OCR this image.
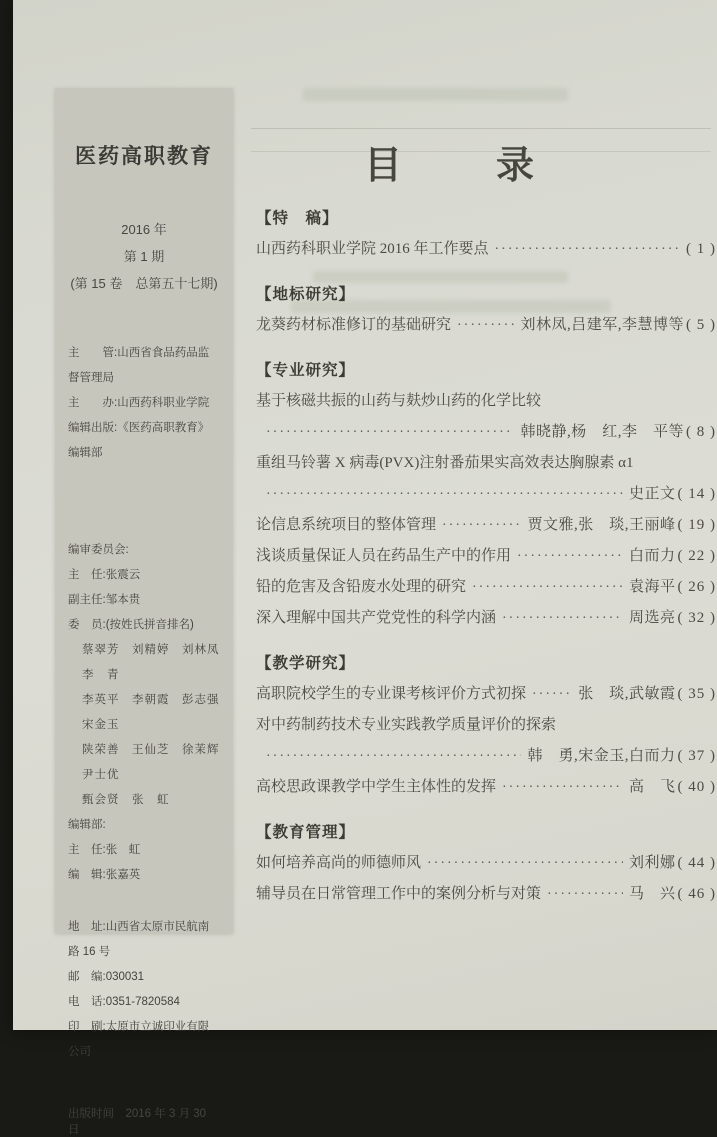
医药高职教育
2016 年
第 1 期
(第 15 卷　总第五十七期)
主　　管:山西省食品药品监督管理局
主　　办:山西药科职业学院
编辑出版:《医药高职教育》编辑部
编审委员会:
主　任:张震云
副主任:邹本贵
委　员:(按姓氏拼音排名)
蔡翠芳　刘精婷　刘林凤　李　青
李英平　李朝霞　彭志强　宋金玉
陕荣善　王仙芝　徐茉辉　尹士优
甄会贤　张　虹
编辑部:
主　任:张　虹
编　辑:张嘉英
地　址:山西省太原市民航南路 16 号
邮　编:030031
电　话:0351-7820584
印　刷:太原市立诚印业有限公司
出版时间　2016 年 3 月 30 日
目　　录
【特　稿】
山西药科职业学院 2016 年工作要点 ·····	( 1 )
【地标研究】
龙葵药材标准修订的基础研究 ·····	刘林凤,吕建军,李慧博等 ( 5 )
【专业研究】
基于核磁共振的山药与麸炒山药的化学比较
·····
韩晓静,杨　红,李　平等 ( 8 )
重组马铃薯 X 病毒(PVX)注射番茄果实高效表达胸腺素 α1
·····
史正文 ( 14 )
论信息系统项目的整体管理 ·····	贾文雅,张　琰,王丽峰 ( 19 )
浅谈质量保证人员在药品生产中的作用 ·····	白而力 ( 22 )
铅的危害及含铅废水处理的研究 ·····	袁海平 ( 26 )
深入理解中国共产党党性的科学内涵 ·····	周选亮 ( 32 )
【教学研究】
高职院校学生的专业课考核评价方式初探 ·····	张　琰,武敏霞 ( 35 )
对中药制药技术专业实践教学质量评价的探索
·····
韩　勇,宋金玉,白而力 ( 37 )
高校思政课教学中学生主体性的发挥 ·····	高　飞 ( 40 )
【教育管理】
如何培养高尚的师德师风 ·····	刘利娜 ( 44 )
辅导员在日常管理工作中的案例分析与对策 ·····	马　兴 ( 46 )
